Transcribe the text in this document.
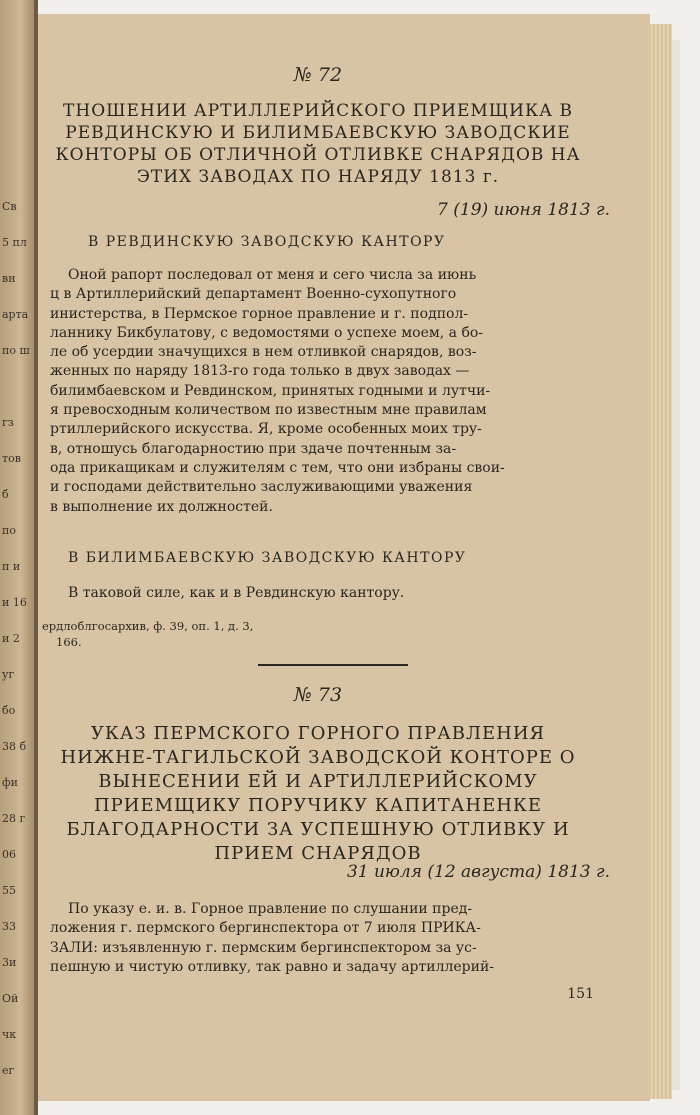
Св
5 пл
вн
арта
по ш
гз
тов
б
по
п и
и 16
и 2
уг
бо
38 б
фи
28 г
06
55
33
3и
Ой
чк
ег
№ 72
ТНОШЕНИИ АРТИЛЛЕРИЙСКОГО ПРИЕМЩИКА В
РЕВДИНСКУЮ И БИЛИМБАЕВСКУЮ ЗАВОДСКИЕ
КОНТОРЫ ОБ ОТЛИЧНОЙ ОТЛИВКЕ СНАРЯДОВ НА
ЭТИХ ЗАВОДАХ ПО НАРЯДУ 1813 г.
7 (19) июня 1813 г.
В РЕВДИНСКУЮ ЗАВОДСКУЮ КАНТОРУ
Оной рапорт последовал от меня и сего числа за июнь
ц в Артиллерийский департамент Военно-сухопутного
инистерства, в Пермское горное правление и г. подпол-
ланнику Бикбулатову, с ведомостями о успехе моем, а бо-
ле об усердии значущихся в нем отливкой снарядов, воз-
женных по наряду 1813-го года только в двух заводах —
билимбаевском и Ревдинском, принятых годными и лутчи-
я превосходным количеством по известным мне правилам
ртиллерийского искусства. Я, кроме особенных моих тру-
в, отношусь благодарностию при здаче почтенным за-
ода прикащикам и служителям с тем, что они избраны свои-
и господами действительно заслуживающими уважения
в выполнение их должностей.
В БИЛИМБАЕВСКУЮ ЗАВОДСКУЮ КАНТОРУ
В таковой силе, как и в Ревдинскую кантору.
ердлоблгосархив, ф. 39, оп. 1, д. 3,
166.
№ 73
УКАЗ ПЕРМСКОГО ГОРНОГО ПРАВЛЕНИЯ
НИЖНЕ-ТАГИЛЬСКОЙ ЗАВОДСКОЙ КОНТОРЕ О
ВЫНЕСЕНИИ ЕЙ И АРТИЛЛЕРИЙСКОМУ
ПРИЕМЩИКУ ПОРУЧИКУ КАПИТАНЕНКЕ
БЛАГОДАРНОСТИ ЗА УСПЕШНУЮ ОТЛИВКУ И
ПРИЕМ СНАРЯДОВ
31 июля (12 августа) 1813 г.
По указу е. и. в. Горное правление по слушании пред-
ложения г. пермского бергинспектора от 7 июля ПРИКА-
ЗАЛИ: изъявленную г. пермским бергинспектором за ус-
пешную и чистую отливку, так равно и задачу артиллерий-
151
